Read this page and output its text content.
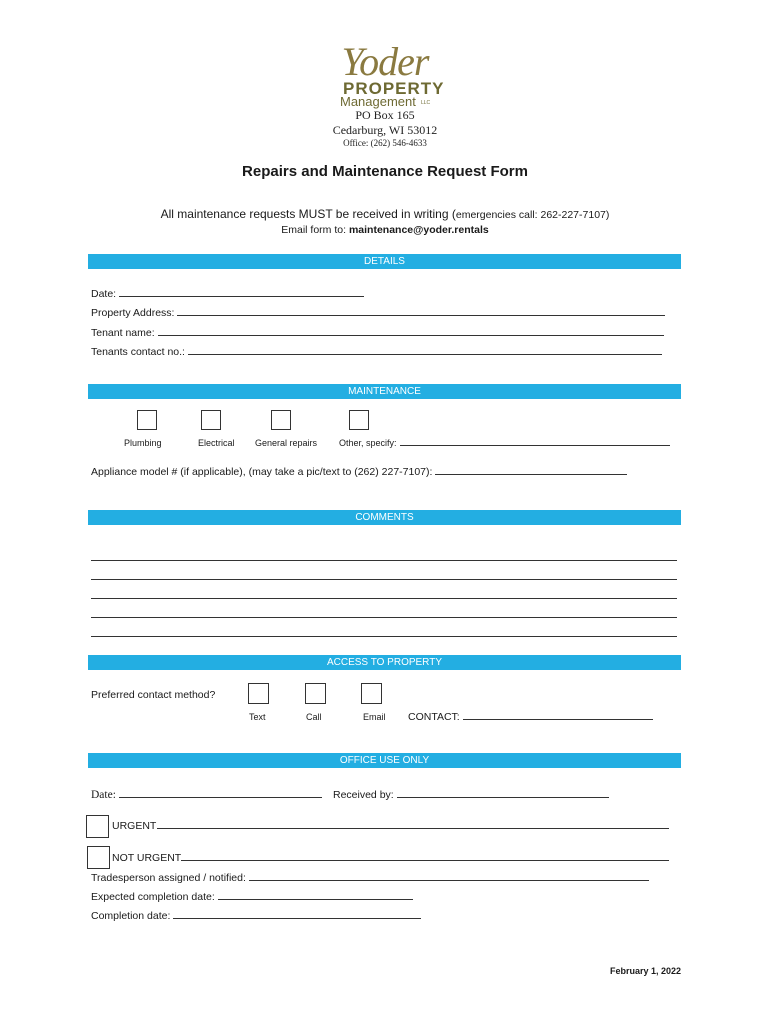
Yoder
PROPERTY
Management LLC
PO Box 165
Cedarburg, WI 53012
Office: (262) 546-4633
Repairs and Maintenance Request Form
All maintenance requests MUST be received in writing (emergencies call: 262-227-7107)
Email form to: maintenance@yoder.rentals
DETAILS
Date:
Property Address:
Tenant name:
Tenants contact no.:
MAINTENANCE
Plumbing	Electrical General repairs Other, specify:
Appliance model # (if applicable), (may take a pic/text to (262) 227-7107):
COMMENTS
ACCESS TO PROPERTY
Preferred contact method?
Text	Call	Email CONTACT:
OFFICE USE ONLY
Date:	Received by:
URGENT
NOT URGENT
Tradesperson assigned / notified:
Expected completion date:
Completion date:
February 1, 2022
